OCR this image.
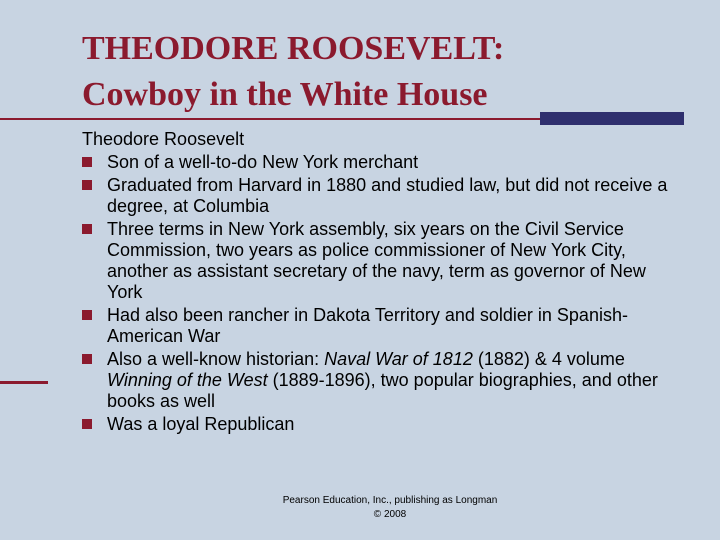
THEODORE ROOSEVELT:
Cowboy in the White House

Theodore Roosevelt

Son of a well-to-do New York merchant
Graduated from Harvard in 1880 and studied law, but did not receive a degree, at Columbia
Three terms in New York assembly, six years on the Civil Service Commission, two years as police commissioner of New York City, another as assistant secretary of the navy, term as governor of New York
Had also been rancher in Dakota Territory and soldier in Spanish-American War
Also a well-know historian: Naval War of 1812 (1882) & 4 volume Winning of the West (1889-1896), two popular biographies, and other books as well
Was a loyal Republican
Pearson Education, Inc., publishing as Longman
© 2008
